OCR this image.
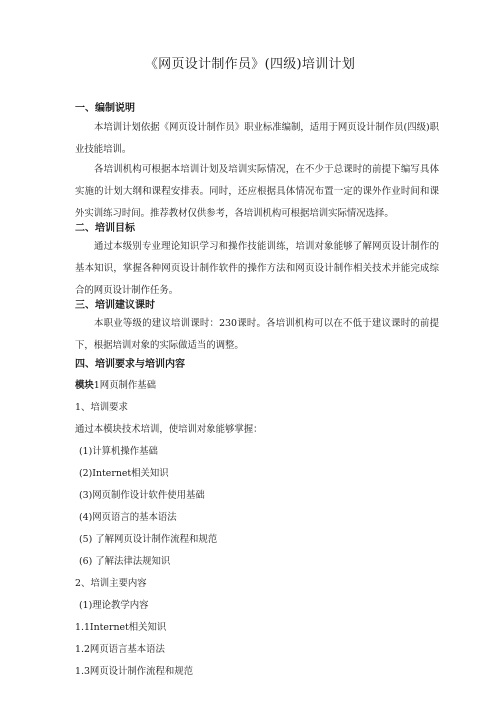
《网页设计制作员》(四级)培训计划
一、编制说明
本培训计划依据《网页设计制作员》职业标准编制，适用于网页设计制作员(四级)职业技能培训。
各培训机构可根据本培训计划及培训实际情况，在不少于总课时的前提下编写具体实施的计划大纲和课程安排表。同时，还应根据具体情况布置一定的课外作业时间和课外实训练习时间。推荐教材仅供参考，各培训机构可根据培训实际情况选择。
二、培训目标
通过本级别专业理论知识学习和操作技能训练，培训对象能够了解网页设计制作的基本知识，掌握各种网页设计制作软件的操作方法和网页设计制作相关技术并能完成综合的网页设计制作任务。
三、培训建议课时
本职业等级的建议培训课时：230课时。各培训机构可以在不低于建议课时的前提下，根据培训对象的实际做适当的调整。
四、培训要求与培训内容
模块1网页制作基础
1、培训要求
通过本模块技术培训，使培训对象能够掌握：
(1)计算机操作基础
(2)Internet相关知识
(3)网页制作设计软件使用基础
(4)网页语言的基本语法
(5) 了解网页设计制作流程和规范
(6) 了解法律法规知识
2、培训主要内容
(1)理论教学内容
1.1Internet相关知识
1.2网页语言基本语法
1.3网页设计制作流程和规范
